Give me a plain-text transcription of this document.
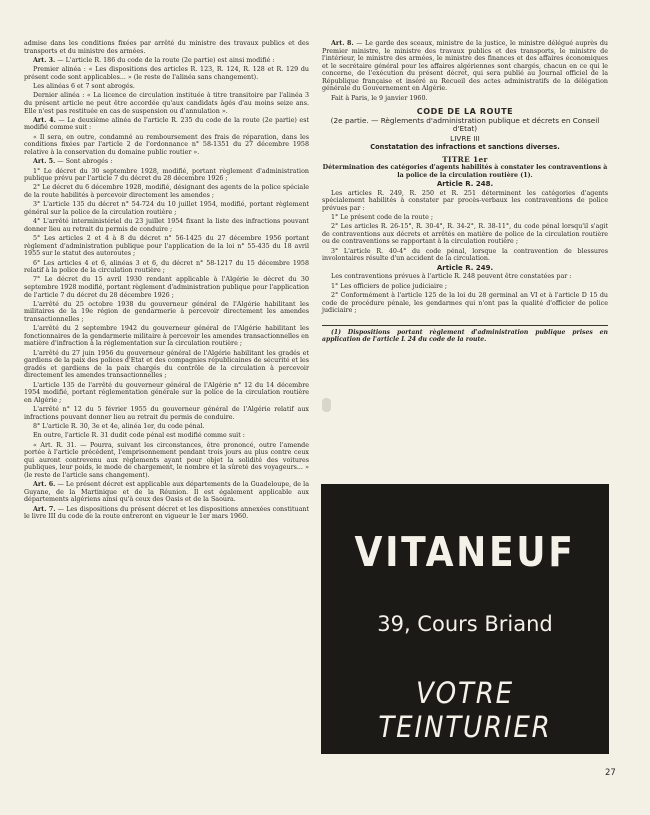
admise dans les conditions fixées par arrêté du ministre des travaux publics et des transports et du ministre des armées.

Art. 3. — L'article R. 186 du code de la route (2e partie) est ainsi modifié :

Premier alinéa : « Les dispositions des articles R. 123, R. 124, R. 128 et R. 129 du présent code sont applicables... » (le reste de l'alinéa sans changement).

Les alinéas 6 et 7 sont abrogés.

Dernier alinéa : « La licence de circulation instituée à titre transitoire par l'alinéa 3 du présent article ne peut être accordée qu'aux candidats âgés d'au moins seize ans. Elle n'est pas restituée en cas de suspension ou d'annulation ».

Art. 4. — Le deuxième alinéa de l'article R. 235 du code de la route (2e partie) est modifié comme suit :

« Il sera, en outre, condamné au remboursement des frais de réparation, dans les conditions fixées par l'article 2 de l'ordonnance n° 58-1351 du 27 décembre 1958 relative à la conservation du domaine public routier ».

Art. 5. — Sont abrogés :

1° Le décret du 30 septembre 1928, modifié, portant règlement d'administration publique prévu par l'article 7 du décret du 28 décembre 1926 ;

2° Le décret du 6 décembre 1928, modifié, désignant des agents de la police spéciale de la route habilités à percevoir directement les amendes ;

3° L'article 135 du décret n° 54-724 du 10 juillet 1954, modifié, portant règlement général sur la police de la circulation routière ;

4° L'arrêté interministériel du 23 juillet 1954 fixant la liste des infractions pouvant donner lieu au retrait du permis de conduire ;

5° Les articles 2 et 4 à 8 du décret n° 56-1425 du 27 décembre 1956 portant règlement d'administration publique pour l'application de la loi n° 55-435 du 18 avril 1955 sur le statut des autoroutes ;

6° Les articles 4 et 6, alinéas 3 et 6, du décret n° 58-1217 du 15 décembre 1958 relatif à la police de la circulation routière ;

7° Le décret du 15 avril 1930 rendant applicable à l'Algérie le décret du 30 septembre 1928 modifié, portant règlement d'administration publique pour l'application de l'article 7 du décret du 28 décembre 1926 ;

L'arrêté du 25 octobre 1938 du gouverneur général de l'Algérie habilitant les militaires de la 19e région de gendarmerie à percevoir directement les amendes transactionnelles ;

L'arrêté du 2 septembre 1942 du gouverneur général de l'Algérie habilitant les fonctionnaires de la gendarmerie militaire à percevoir les amendes transactionnelles en matière d'infraction à la réglementation sur la circulation routière ;

L'arrêté du 27 juin 1956 du gouverneur général de l'Algérie habilitant les gradés et gardiens de la paix des polices d'Etat et des compagnies républicaines de sécurité et les gradés et gardiens de la paix chargés du contrôle de la circulation à percevoir directement les amendes transactionnelles ;

L'article 135 de l'arrêté du gouverneur général de l'Algérie n° 12 du 14 décembre 1954 modifié, portant réglementation générale sur la police de la circulation routière en Algérie ;

L'arrêté n° 12 du 5 février 1955 du gouverneur général de l'Algérie relatif aux infractions pouvant donner lieu au retrait du permis de conduire.

8° L'article R. 30, 3e et 4e, alinéa 1er, du code pénal.

En outre, l'article R. 31 dudit code pénal est modifié comme suit :

« Art. R. 31. — Pourra, suivant les circonstances, être prononcé, outre l'amende portée à l'article précédent, l'emprisonnement pendant trois jours au plus contre ceux qui auront contrevenu aux règlements ayant pour objet la solidité des voitures publiques, leur poids, le mode de chargement, le nombre et la sûreté des voyageurs... » (le reste de l'article sans changement).

Art. 6. — Le présent décret est applicable aux départements de la Guadeloupe, de la Guyane, de la Martinique et de la Réunion. Il est également applicable aux départements algériens ainsi qu'à ceux des Oasis et de la Saoura.

Art. 7. — Les dispositions du présent décret et les dispositions annexées constituant le livre III du code de la route entreront en vigueur le 1er mars 1960.

Art. 8. — Le garde des sceaux, ministre de la justice, le ministre délégué auprès du Premier ministre, le ministre des travaux publics et des transports, le ministre de l'intérieur, le ministre des armées, le ministre des finances et des affaires économiques et le secrétaire général pour les affaires algériennes sont chargés, chacun en ce qui le concerne, de l'exécution du présent décret, qui sera publié au Journal officiel de la République française et inséré au Recueil des actes administratifs de la délégation générale du Gouvernement en Algérie.

Fait à Paris, le 9 janvier 1960.

CODE DE LA ROUTE

(2e partie. — Règlements d'administration publique et décrets en Conseil d'Etat)

LIVRE III

Constatation des infractions et sanctions diverses.

TITRE 1er

Détermination des catégories d'agents habilités à constater les contraventions à la police de la circulation routière (1).

Article R. 248.

Les articles R. 249, R. 250 et R. 251 déterminent les catégories d'agents spécialement habilités à constater par procès-verbaux les contraventions de police prévues par :

1° Le présent code de la route ;

2° Les articles R. 26-15°, R. 30-4°, R. 34-2°, R. 38-11°, du code pénal lorsqu'il s'agit de contraventions aux décrets et arrêtés en matière de police de la circulation routière ou de contraventions se rapportant à la circulation routière ;

3° L'article R. 40-4° du code pénal, lorsque la contravention de blessures involontaires résulte d'un accident de la circulation.

Article R. 249.

Les contraventions prévues à l'article R. 248 peuvent être constatées par :

1° Les officiers de police judiciaire ;

2° Conformément à l'article 125 de la loi du 28 germinal an VI et à l'article D 15 du code de procédure pénale, les gendarmes qui n'ont pas la qualité d'officier de police judiciaire ;

(1) Dispositions portant règlement d'administration publique prises en application de l'article L 24 du code de la route.

VITANEUF
39, Cours Briand
VOTRE TEINTURIER
27
